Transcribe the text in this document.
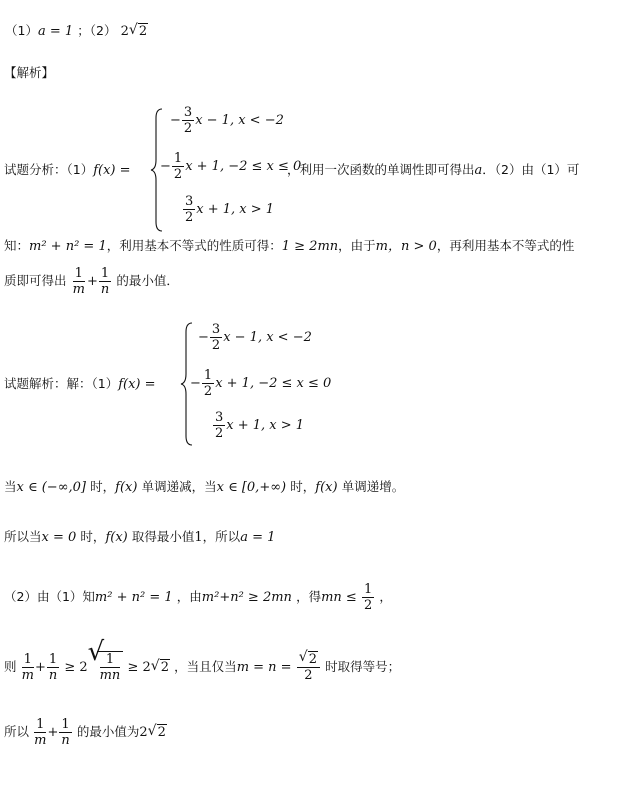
（1）a = 1 ；（2） 2 √ 2
【解析】
试题分析：（1）f(x) =
− $\frac{3}{2}$ x − 1, x < −2
− $\frac{1}{2}$ x + 1, −2 ≤ x ≤ 0
$\frac{3}{2}$ x + 1, x > 1
，利用一次函数的单调性即可得出a．（2）由（1）可
知：m² + n² = 1，利用基本不等式的性质可得：1 ≥ 2mn，由于m，n > 0，再利用基本不等式的性
质即可得出 $\frac{1}{m} + \frac{1}{n}$ 的最小值．
试题解析：解：（1）f(x) =
− $\frac{3}{2}$ x − 1, x < −2
− $\frac{1}{2}$ x + 1, −2 ≤ x ≤ 0
$\frac{3}{2}$ x + 1, x > 1
当x ∈ (−∞,0] 时，f(x) 单调递减，当x ∈ [0,+∞) 时，f(x) 单调递增。
所以当x = 0 时，f(x) 取得最小值1，所以a = 1
（2）由（1）知m² + n² = 1 ，由m²+n² ≥ 2mn ，得mn ≤ $\frac{1}{2}$ ，
则 $\frac{1}{m} + \frac{1}{n} \ge 2$
√
$\frac{1}{mn} \ge 2$ √ 2 ，当且仅当$m = n = \frac{√ 2}{2}$ 时取得等号；
所以 $\frac{1}{m} + \frac{1}{n}$ 的最小值为2 √ 2
